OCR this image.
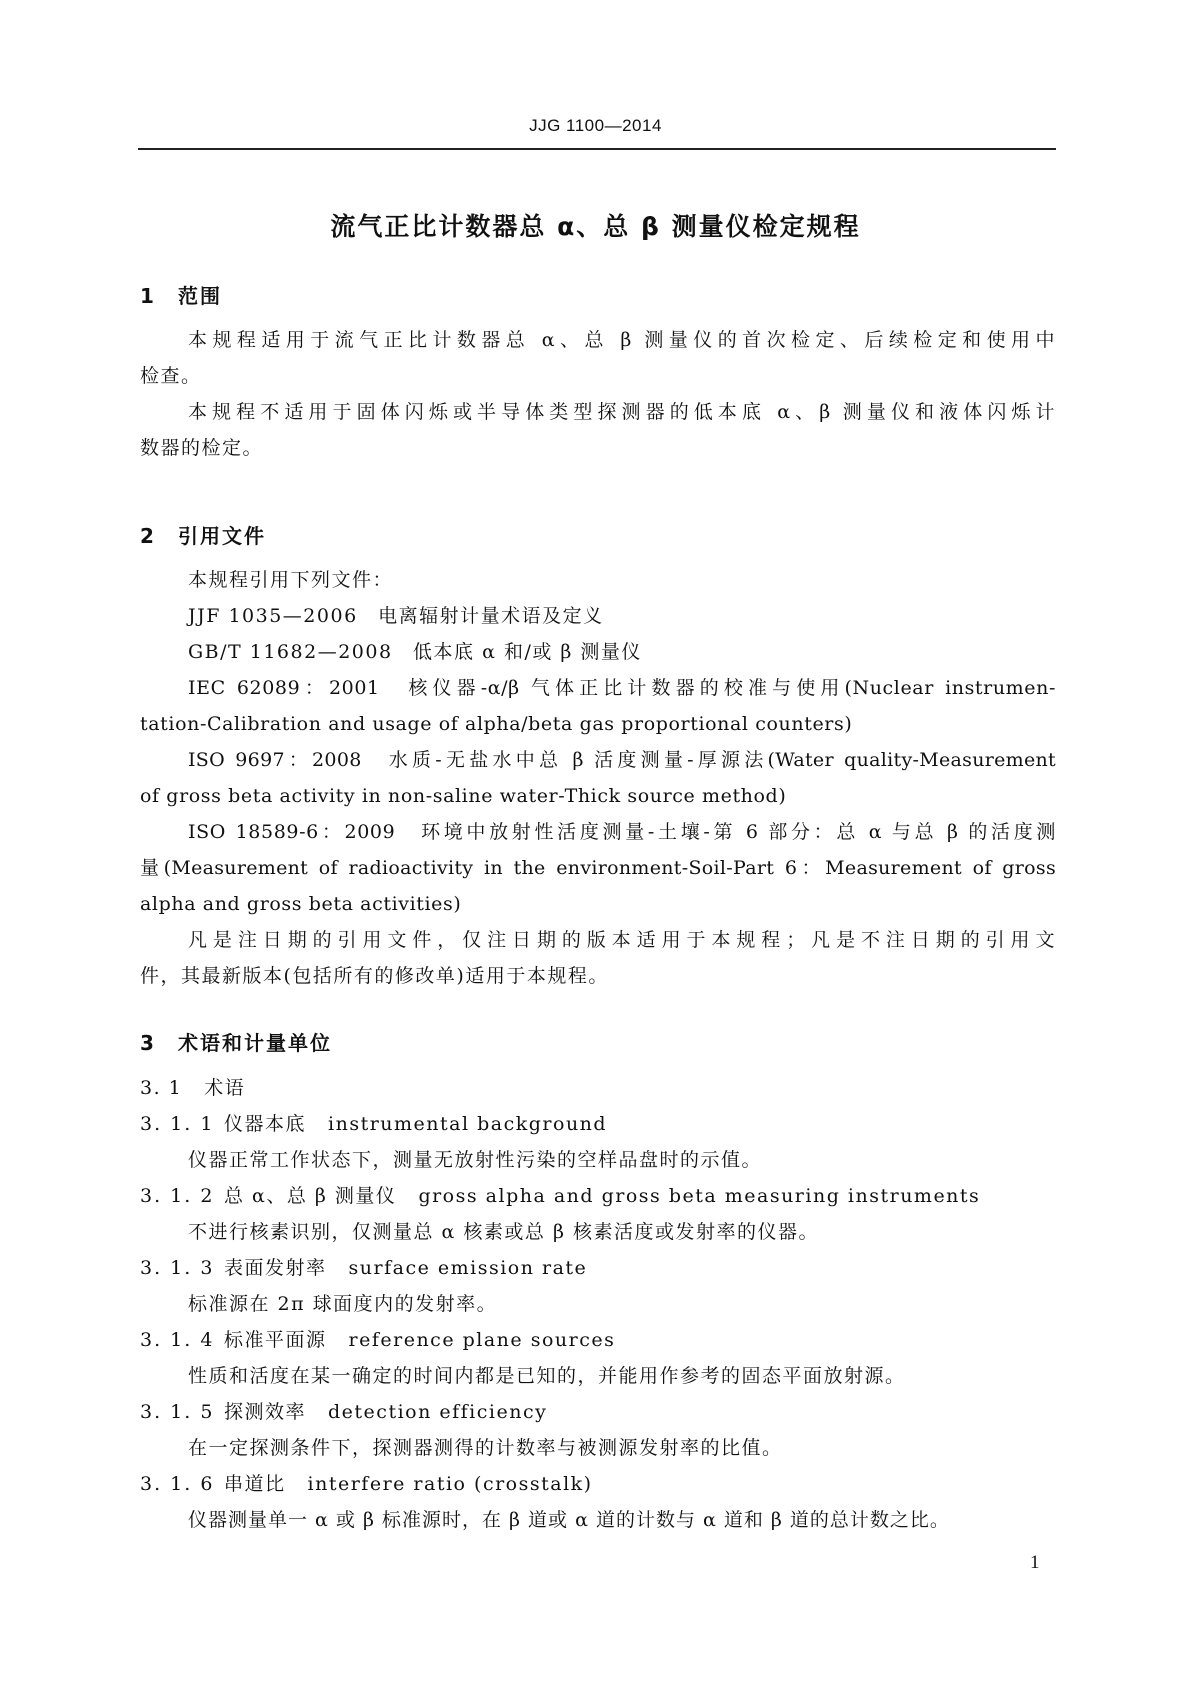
JJG 1100—2014
流气正比计数器总 α、总 β 测量仪检定规程
1 范围
本规程适用于流气正比计数器总 α、总 β 测量仪的首次检定、后续检定和使用中
检查。
本规程不适用于固体闪烁或半导体类型探测器的低本底 α、β 测量仪和液体闪烁计
数器的检定。
2 引用文件
本规程引用下列文件：
JJF 1035—2006　电离辐射计量术语及定义
GB/T 11682—2008　低本底 α 和/或 β 测量仪
IEC 62089：2001　核仪器-α/β 气体正比计数器的校准与使用(Nuclear instrumen-
tation-Calibration and usage of alpha/beta gas proportional counters)
ISO 9697：2008　水质-无盐水中总 β 活度测量-厚源法(Water quality-Measurement
of gross beta activity in non-saline water-Thick source method)
ISO 18589-6：2009　环境中放射性活度测量-土壤-第 6 部分：总 α 与总 β 的活度测
量(Measurement of radioactivity in the environment-Soil-Part 6：Measurement of gross
alpha and gross beta activities)
凡是注日期的引用文件，仅注日期的版本适用于本规程；凡是不注日期的引用文
件，其最新版本(包括所有的修改单)适用于本规程。
3 术语和计量单位
3. 1 术语
3. 1. 1 仪器本底 instrumental background
仪器正常工作状态下，测量无放射性污染的空样品盘时的示值。
3. 1. 2 总 α、总 β 测量仪 gross alpha and gross beta measuring instruments
不进行核素识别，仅测量总 α 核素或总 β 核素活度或发射率的仪器。
3. 1. 3 表面发射率 surface emission rate
标准源在 2π 球面度内的发射率。
3. 1. 4 标准平面源 reference plane sources
性质和活度在某一确定的时间内都是已知的，并能用作参考的固态平面放射源。
3. 1. 5 探测效率 detection efficiency
在一定探测条件下，探测器测得的计数率与被测源发射率的比值。
3. 1. 6 串道比 interfere ratio (crosstalk)
仪器测量单一 α 或 β 标准源时，在 β 道或 α 道的计数与 α 道和 β 道的总计数之比。
1
